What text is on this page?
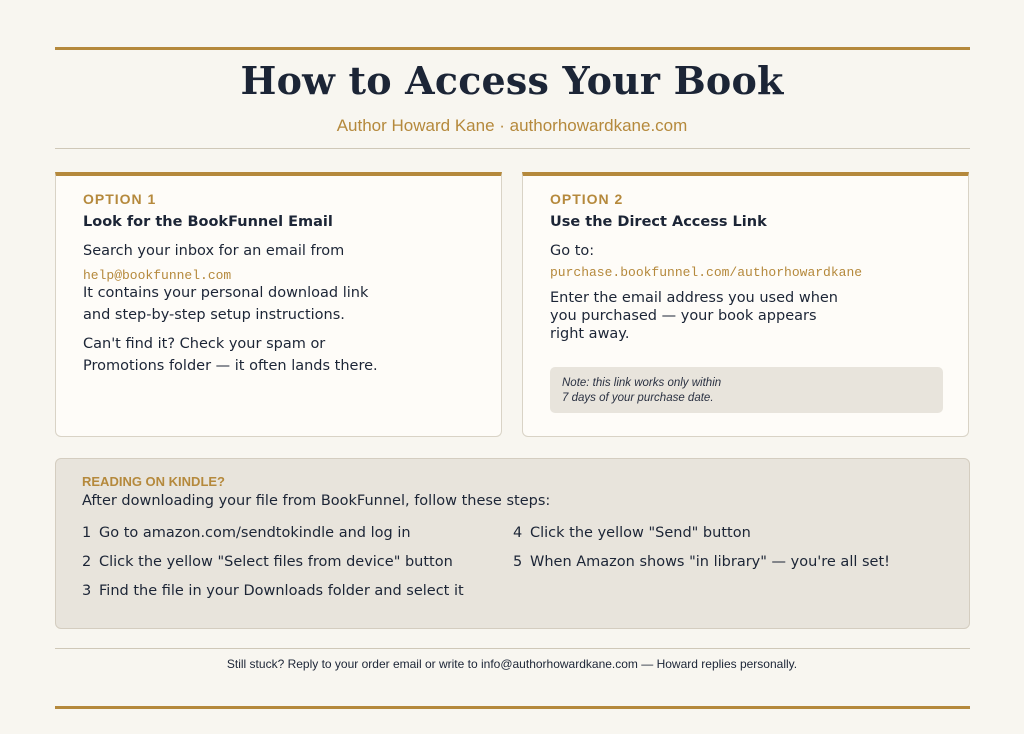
How to Access Your Book
Author Howard Kane · authorhowardkane.com
OPTION 1
Look for the BookFunnel Email
Search your inbox for an email from
help@bookfunnel.com
It contains your personal download link
and step-by-step setup instructions.
Can't find it? Check your spam or
Promotions folder — it often lands there.
OPTION 2
Use the Direct Access Link
Go to:
purchase.bookfunnel.com/authorhowardkane
Enter the email address you used when
you purchased — your book appears
right away.
Note: this link works only within
7 days of your purchase date.
READING ON KINDLE?
After downloading your file from BookFunnel, follow these steps:
1 Go to amazon.com/sendtokindle and log in
2 Click the yellow "Select files from device" button
3 Find the file in your Downloads folder and select it
4 Click the yellow "Send" button
5 When Amazon shows "in library" — you're all set!
Still stuck? Reply to your order email or write to info@authorhowardkane.com — Howard replies personally.
